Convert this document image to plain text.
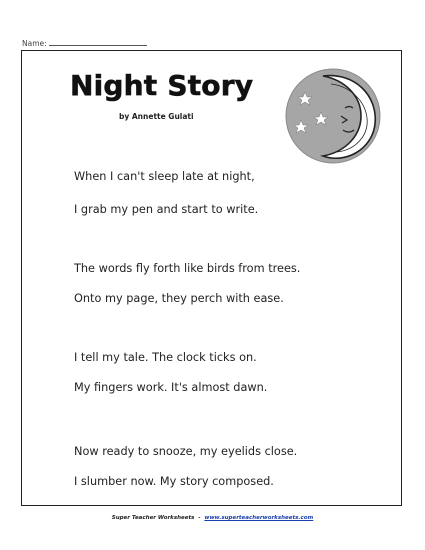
Name:
Night Story
by Annette Gulati
When I can't sleep late at night,
I grab my pen and start to write.
The words fly forth like birds from trees.
Onto my page, they perch with ease.
I tell my tale. The clock ticks on.
My fingers work. It's almost dawn.
Now ready to snooze, my eyelids close.
I slumber now. My story composed.
Super Teacher Worksheets - www.superteacherworksheets.com
